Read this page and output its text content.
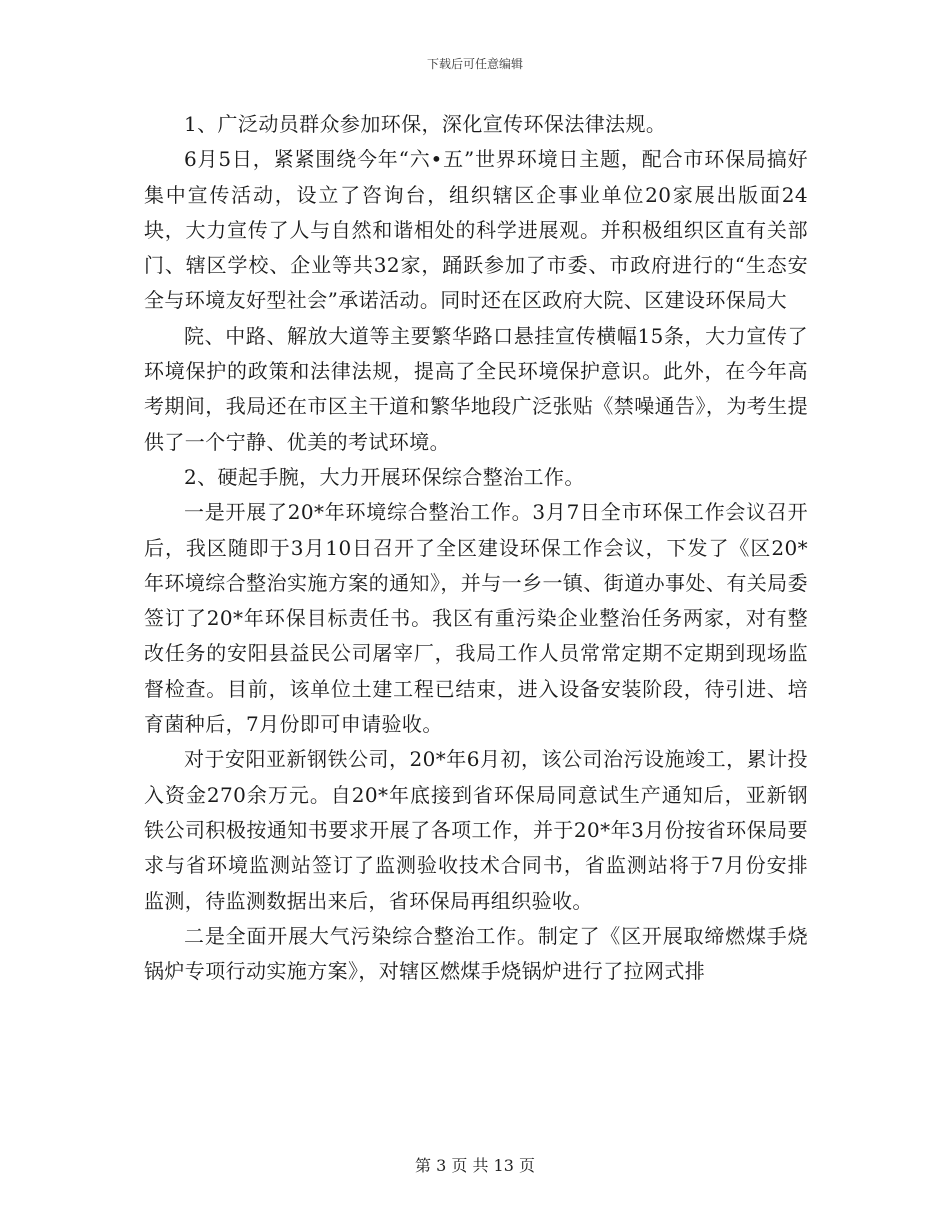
下载后可任意编辑

1、广泛动员群众参加环保，深化宣传环保法律法规。

6月5日，紧紧围绕今年“六•五”世界环境日主题，配合市环保局搞好集中宣传活动，设立了咨询台，组织辖区企事业单位20家展出版面24块，大力宣传了人与自然和谐相处的科学进展观。并积极组织区直有关部门、辖区学校、企业等共32家，踊跃参加了市委、市政府进行的“生态安全与环境友好型社会”承诺活动。同时还在区政府大院、区建设环保局大

院、中路、解放大道等主要繁华路口悬挂宣传横幅15条，大力宣传了环境保护的政策和法律法规，提高了全民环境保护意识。此外，在今年高考期间，我局还在市区主干道和繁华地段广泛张贴《禁噪通告》，为考生提供了一个宁静、优美的考试环境。

2、硬起手腕，大力开展环保综合整治工作。

一是开展了20*年环境综合整治工作。3月7日全市环保工作会议召开后，我区随即于3月10日召开了全区建设环保工作会议，下发了《区20*年环境综合整治实施方案的通知》，并与一乡一镇、街道办事处、有关局委签订了20*年环保目标责任书。我区有重污染企业整治任务两家，对有整改任务的安阳县益民公司屠宰厂，我局工作人员常常定期不定期到现场监督检查。目前，该单位土建工程已结束，进入设备安装阶段，待引进、培育菌种后，7月份即可申请验收。

对于安阳亚新钢铁公司，20*年6月初，该公司治污设施竣工，累计投入资金270余万元。自20*年底接到省环保局同意试生产通知后，亚新钢铁公司积极按通知书要求开展了各项工作，并于20*年3月份按省环保局要求与省环境监测站签订了监测验收技术合同书，省监测站将于7月份安排监测，待监测数据出来后，省环保局再组织验收。

二是全面开展大气污染综合整治工作。制定了《区开展取缔燃煤手烧锅炉专项行动实施方案》，对辖区燃煤手烧锅炉进行了拉网式排

第 3 页 共 13 页
